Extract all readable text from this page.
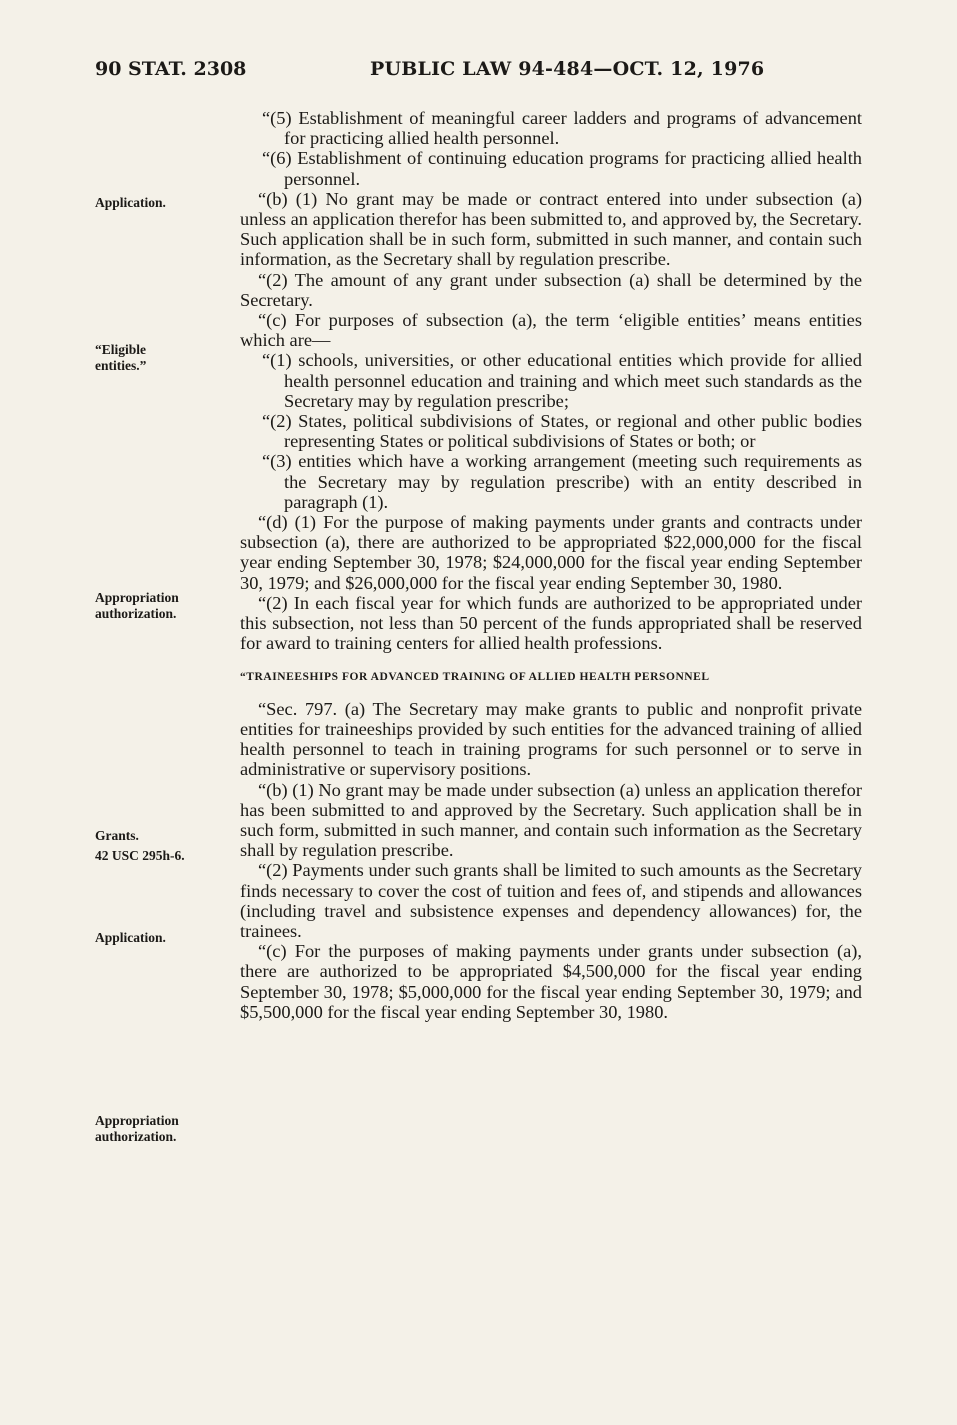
90 STAT. 2308	PUBLIC LAW 94-484—OCT. 12, 1976
Application.
“Eligible
entities.”
Appropriation
authorization.
Grants.
42 USC 295h-6.
Application.
Appropriation
authorization.

“(5) Establishment of meaningful career ladders and programs of advancement for practicing allied health personnel.

“(6) Establishment of continuing education programs for practicing allied health personnel.

“(b) (1) No grant may be made or contract entered into under subsection (a) unless an application therefor has been submitted to, and approved by, the Secretary. Such application shall be in such form, submitted in such manner, and contain such information, as the Secretary shall by regulation prescribe.

“(2) The amount of any grant under subsection (a) shall be determined by the Secretary.

“(c) For purposes of subsection (a), the term ‘eligible entities’ means entities which are—

“(1) schools, universities, or other educational entities which provide for allied health personnel education and training and which meet such standards as the Secretary may by regulation prescribe;

“(2) States, political subdivisions of States, or regional and other public bodies representing States or political subdivisions of States or both; or

“(3) entities which have a working arrangement (meeting such requirements as the Secretary may by regulation prescribe) with an entity described in paragraph (1).

“(d) (1) For the purpose of making payments under grants and contracts under subsection (a), there are authorized to be appropriated $22,000,000 for the fiscal year ending September 30, 1978; $24,000,000 for the fiscal year ending September 30, 1979; and $26,000,000 for the fiscal year ending September 30, 1980.

“(2) In each fiscal year for which funds are authorized to be appropriated under this subsection, not less than 50 percent of the funds appropriated shall be reserved for award to training centers for allied health professions.

“TRAINEESHIPS FOR ADVANCED TRAINING OF ALLIED HEALTH PERSONNEL

“Sec. 797. (a) The Secretary may make grants to public and nonprofit private entities for traineeships provided by such entities for the advanced training of allied health personnel to teach in training programs for such personnel or to serve in administrative or supervisory positions.

“(b) (1) No grant may be made under subsection (a) unless an application therefor has been submitted to and approved by the Secretary. Such application shall be in such form, submitted in such manner, and contain such information as the Secretary shall by regulation prescribe.

“(2) Payments under such grants shall be limited to such amounts as the Secretary finds necessary to cover the cost of tuition and fees of, and stipends and allowances (including travel and subsistence expenses and dependency allowances) for, the trainees.

“(c) For the purposes of making payments under grants under subsection (a), there are authorized to be appropriated $4,500,000 for the fiscal year ending September 30, 1978; $5,000,000 for the fiscal year ending September 30, 1979; and $5,500,000 for the fiscal year ending September 30, 1980.
